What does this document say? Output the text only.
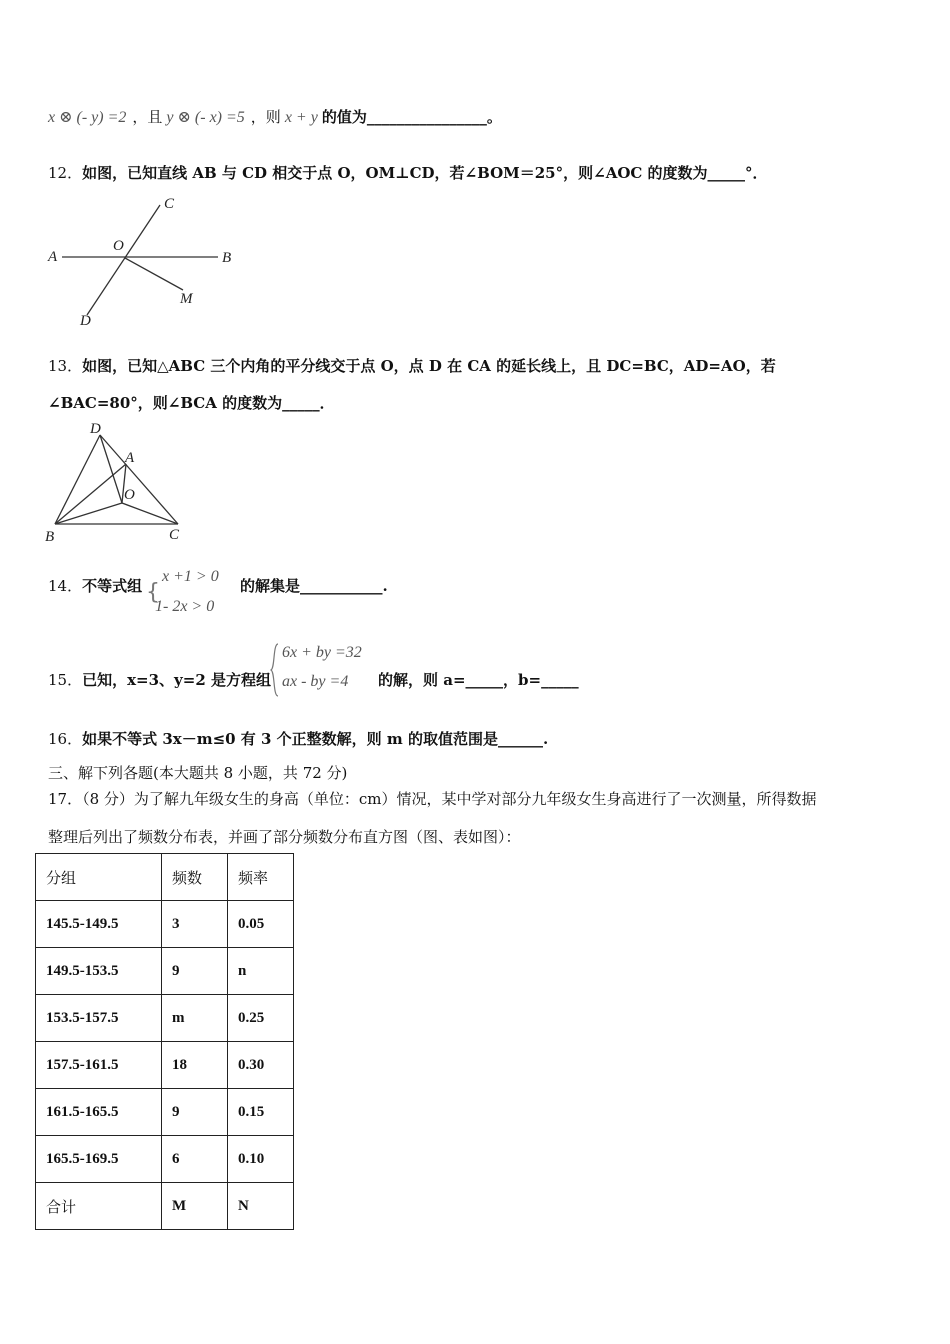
x ⊗ (- y) =2 ，且 y ⊗ (- x) =5 ，则 x + y 的值为________________。
12．如图，已知直线 AB 与 CD 相交于点 O，OM⊥CD，若∠BOM＝25°，则∠AOC 的度数为_____°．
A	B
C
D
O
M
13．如图，已知△ABC 三个内角的平分线交于点 O，点 D 在 CA 的延长线上，且 DC=BC，AD=AO，若
∠BAC=80°，则∠BCA 的度数为_____．
D
A
O
B	C
14．不等式组 {
x +1 > 0
1- 2x > 0
的解集是___________.
15．已知，x=3、y=2 是方程组
6x + by =32
ax - by =4 的解，则 a=_____，b=_____
16．如果不等式 3x－m≤0 有 3 个正整数解，则 m 的取值范围是______.
三、解下列各题(本大题共 8 小题，共 72 分)
17．（8 分）为了解九年级女生的身高（单位：cm）情况，某中学对部分九年级女生身高进行了一次测量，所得数据
整理后列出了频数分布表，并画了部分频数分布直方图（图、表如图）：
分组	频数	频率
145.5-149.5	3	0.05
149.5-153.5	9	n
153.5-157.5	m	0.25
157.5-161.5	18	0.30
161.5-165.5	9	0.15
165.5-169.5	6	0.10
合计	M	N
